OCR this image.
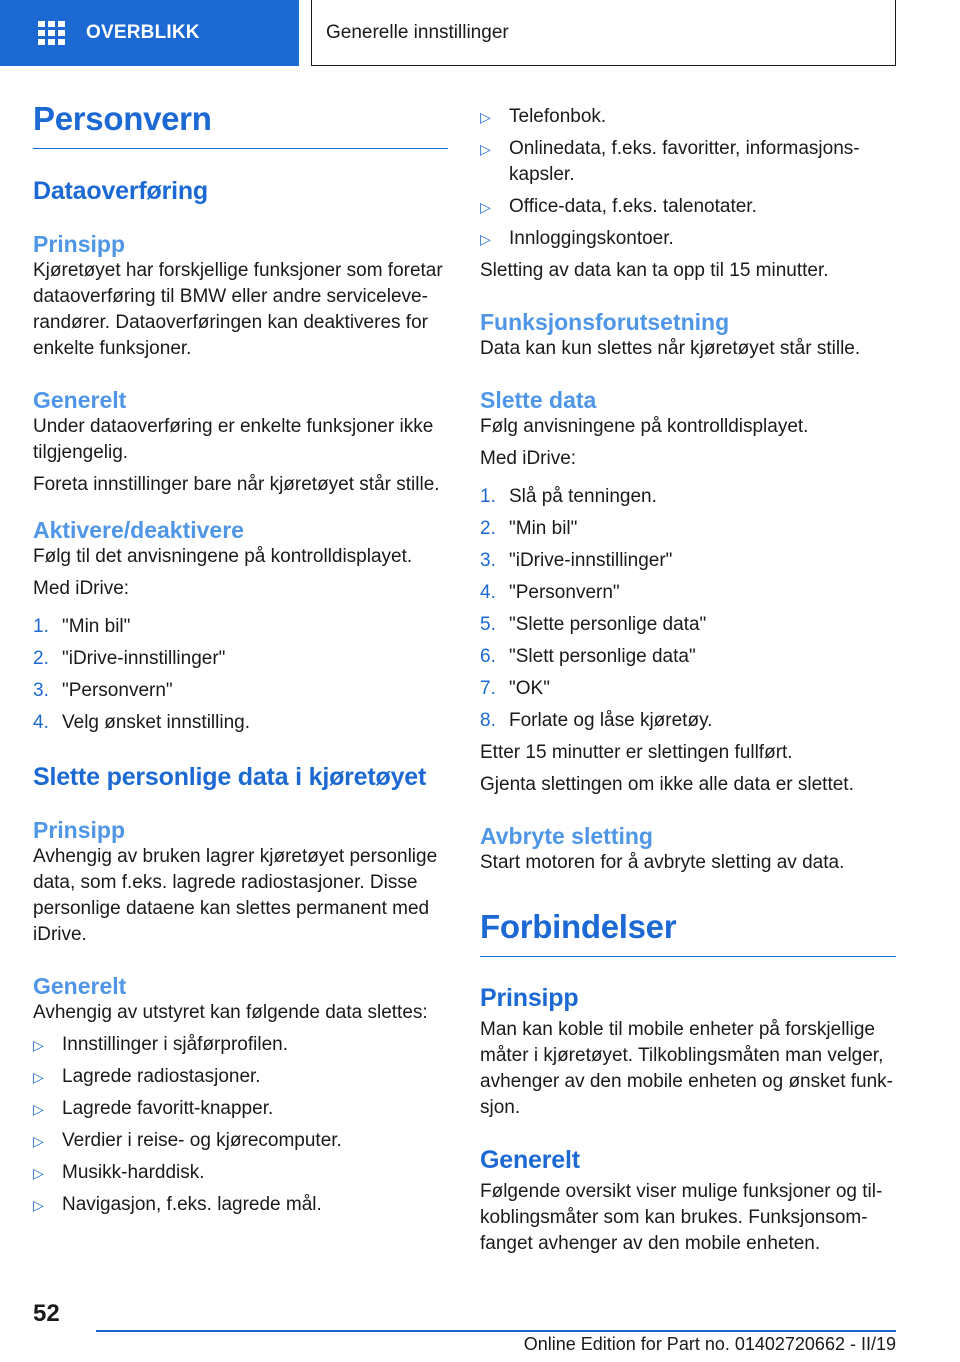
OVERBLIKK	Generelle innstillinger
Personvern
Dataoverføring
Prinsipp

Kjøretøyet har forskjellige funksjoner som foretar dataoverføring til BMW eller andre serviceleverandører. Dataoverføringen kan deaktiveres for enkelte funksjoner.

Generelt

Under dataoverføring er enkelte funksjoner ikke tilgjengelig.

Foreta innstillinger bare når kjøretøyet står stille.

Aktivere/deaktivere

Følg til det anvisningene på kontrolldisplayet.

Med iDrive:

1. "Min bil"
2. "iDrive-innstillinger"
3. "Personvern"
4. Velg ønsket innstilling.
Slette personlige data i kjøretøyet
Prinsipp

Avhengig av bruken lagrer kjøretøyet personlige data, som f.eks. lagrede radiostasjoner. Disse personlige dataene kan slettes permanent med iDrive.

Generelt

Avhengig av utstyret kan følgende data slettes:

▷ Innstillinger i sjåførprofilen.
▷ Lagrede radiostasjoner.
▷ Lagrede favoritt-knapper.
▷ Verdier i reise- og kjørecomputer.
▷ Musikk-harddisk.
▷ Navigasjon, f.eks. lagrede mål.
▷ Telefonbok.
▷ Onlinedata, f.eks. favoritter, informasjonskapsler.
▷ Office-data, f.eks. talenotater.
▷ Innloggingskontoer.

Sletting av data kan ta opp til 15 minutter.

Funksjonsforutsetning

Data kan kun slettes når kjøretøyet står stille.

Slette data

Følg anvisningene på kontrolldisplayet.

Med iDrive:

1. Slå på tenningen.
2. "Min bil"
3. "iDrive-innstillinger"
4. "Personvern"
5. "Slette personlige data"
6. "Slett personlige data"
7. "OK"
8. Forlate og låse kjøretøy.

Etter 15 minutter er slettingen fullført.

Gjenta slettingen om ikke alle data er slettet.

Avbryte sletting

Start motoren for å avbryte sletting av data.

Forbindelser
Prinsipp

Man kan koble til mobile enheter på forskjellige måter i kjøretøyet. Tilkoblingsmåten man velger, avhenger av den mobile enheten og ønsket funksjon.

Generelt

Følgende oversikt viser mulige funksjoner og tilkoblingsmåter som kan brukes. Funksjonsomfanget avhenger av den mobile enheten.

52
Online Edition for Part no. 01402720662 - II/19
